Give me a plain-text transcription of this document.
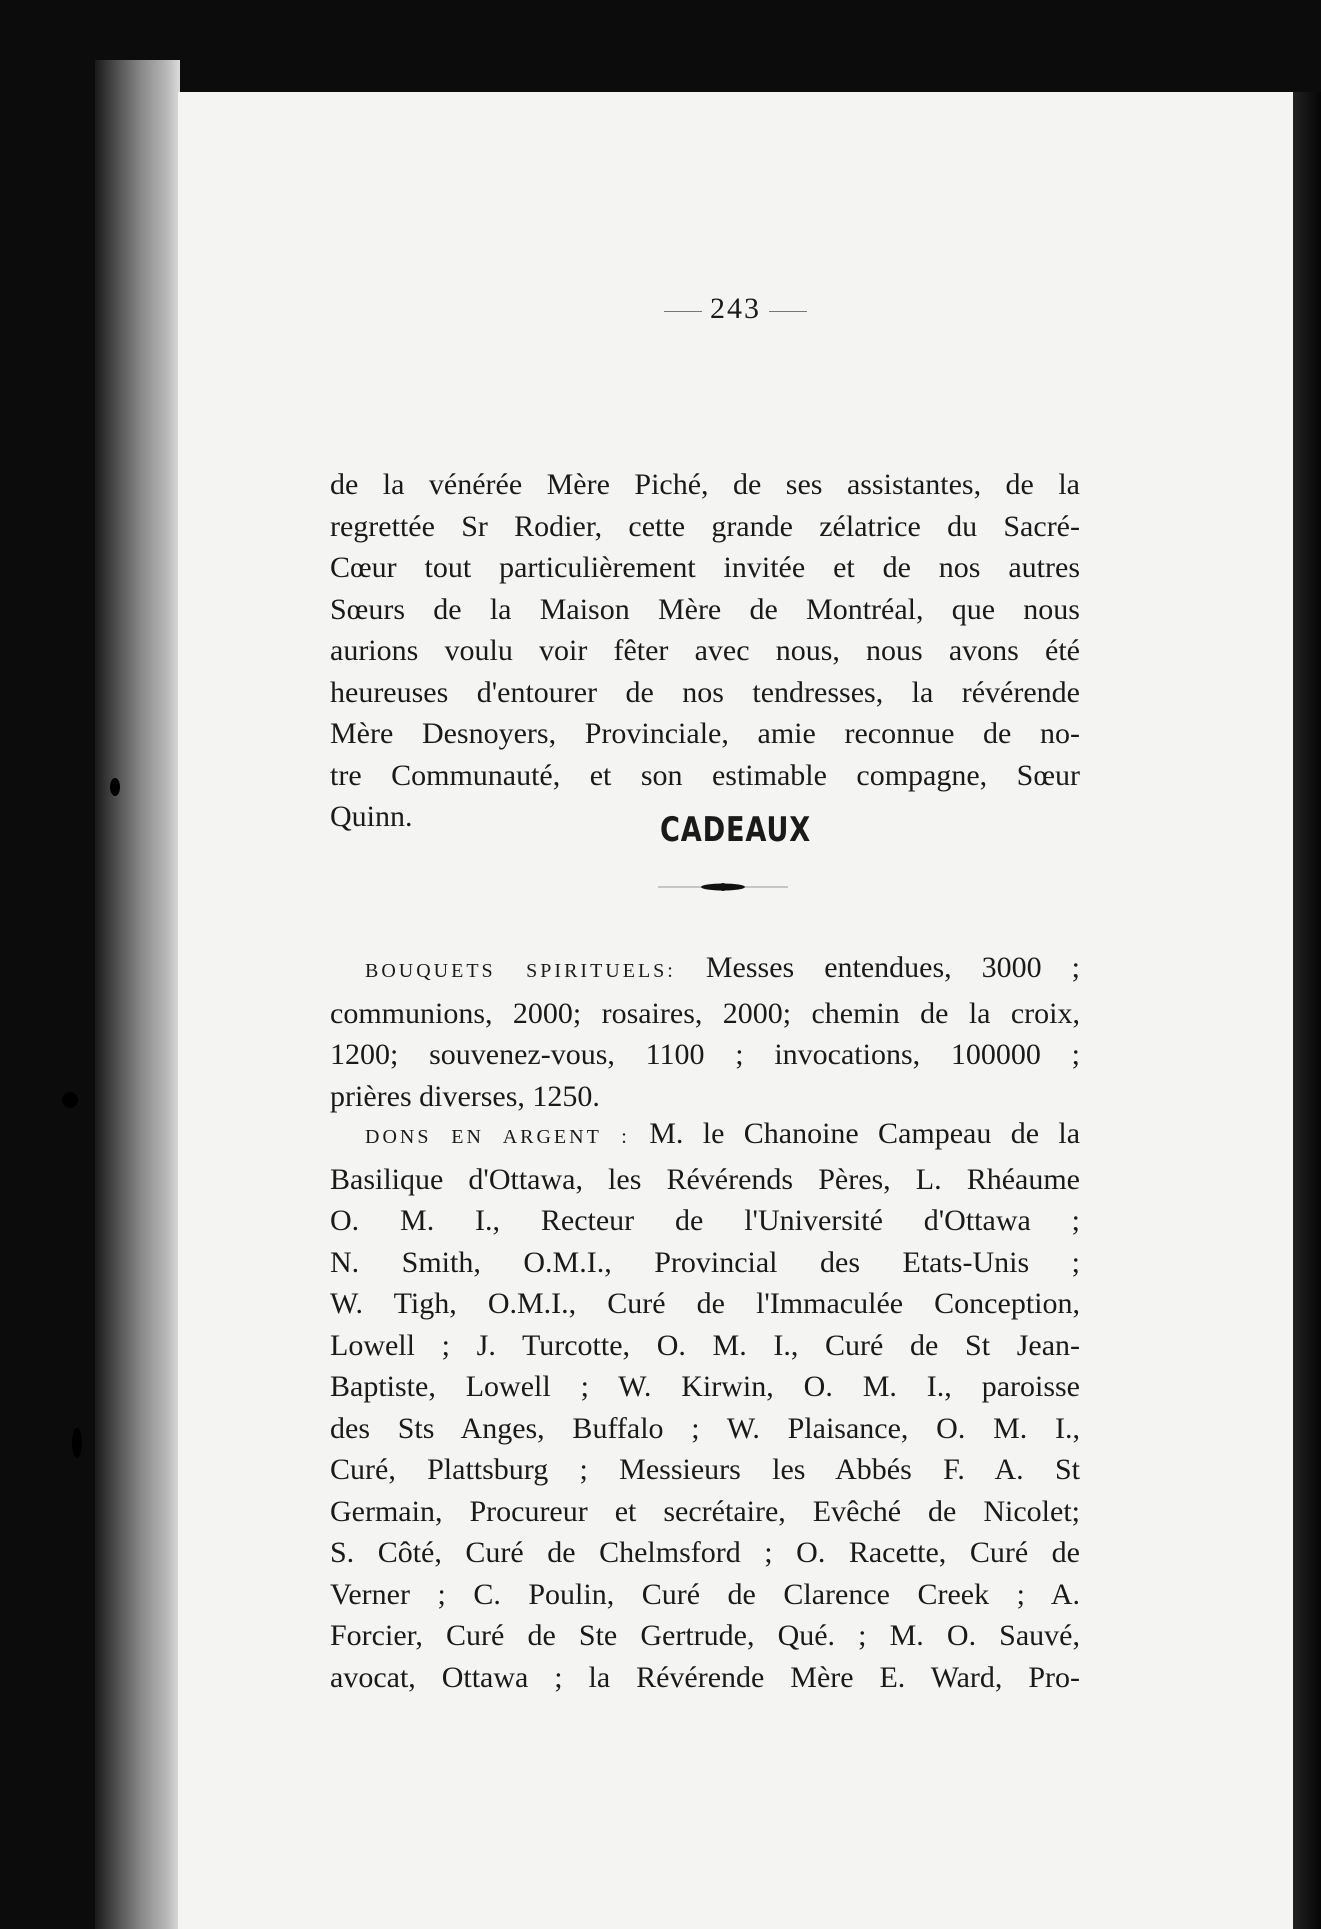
243
de la vénérée Mère Piché, de ses assistantes, de la
regrettée Sr Rodier, cette grande zélatrice du Sacré-
Cœur tout particulièrement invitée et de nos autres
Sœurs de la Maison Mère de Montréal, que nous
aurions voulu voir fêter avec nous, nous avons été
heureuses d'entourer de nos tendresses, la révérende
Mère Desnoyers, Provinciale, amie reconnue de no-
tre Communauté, et son estimable compagne, Sœur
Quinn.	CADEAUX
BOUQUETS SPIRITUELS: Messes entendues, 3000 ;
communions, 2000; rosaires, 2000; chemin de la croix,
1200; souvenez-vous, 1100 ; invocations, 100000 ;
prières diverses, 1250.
DONS EN ARGENT : M. le Chanoine Campeau de la
Basilique d'Ottawa, les Révérends Pères, L. Rhéaume
O. M. I., Recteur de l'Université d'Ottawa ;
N. Smith, O.M.I., Provincial des Etats-Unis ;
W. Tigh, O.M.I., Curé de l'Immaculée Conception,
Lowell ; J. Turcotte, O. M. I., Curé de St Jean-
Baptiste, Lowell ; W. Kirwin, O. M. I., paroisse
des Sts Anges, Buffalo ; W. Plaisance, O. M. I.,
Curé, Plattsburg ; Messieurs les Abbés F. A. St
Germain, Procureur et secrétaire, Evêché de Nicolet;
S. Côté, Curé de Chelmsford ; O. Racette, Curé de
Verner ; C. Poulin, Curé de Clarence Creek ; A.
Forcier, Curé de Ste Gertrude, Qué. ; M. O. Sauvé,
avocat, Ottawa ; la Révérende Mère E. Ward, Pro-
